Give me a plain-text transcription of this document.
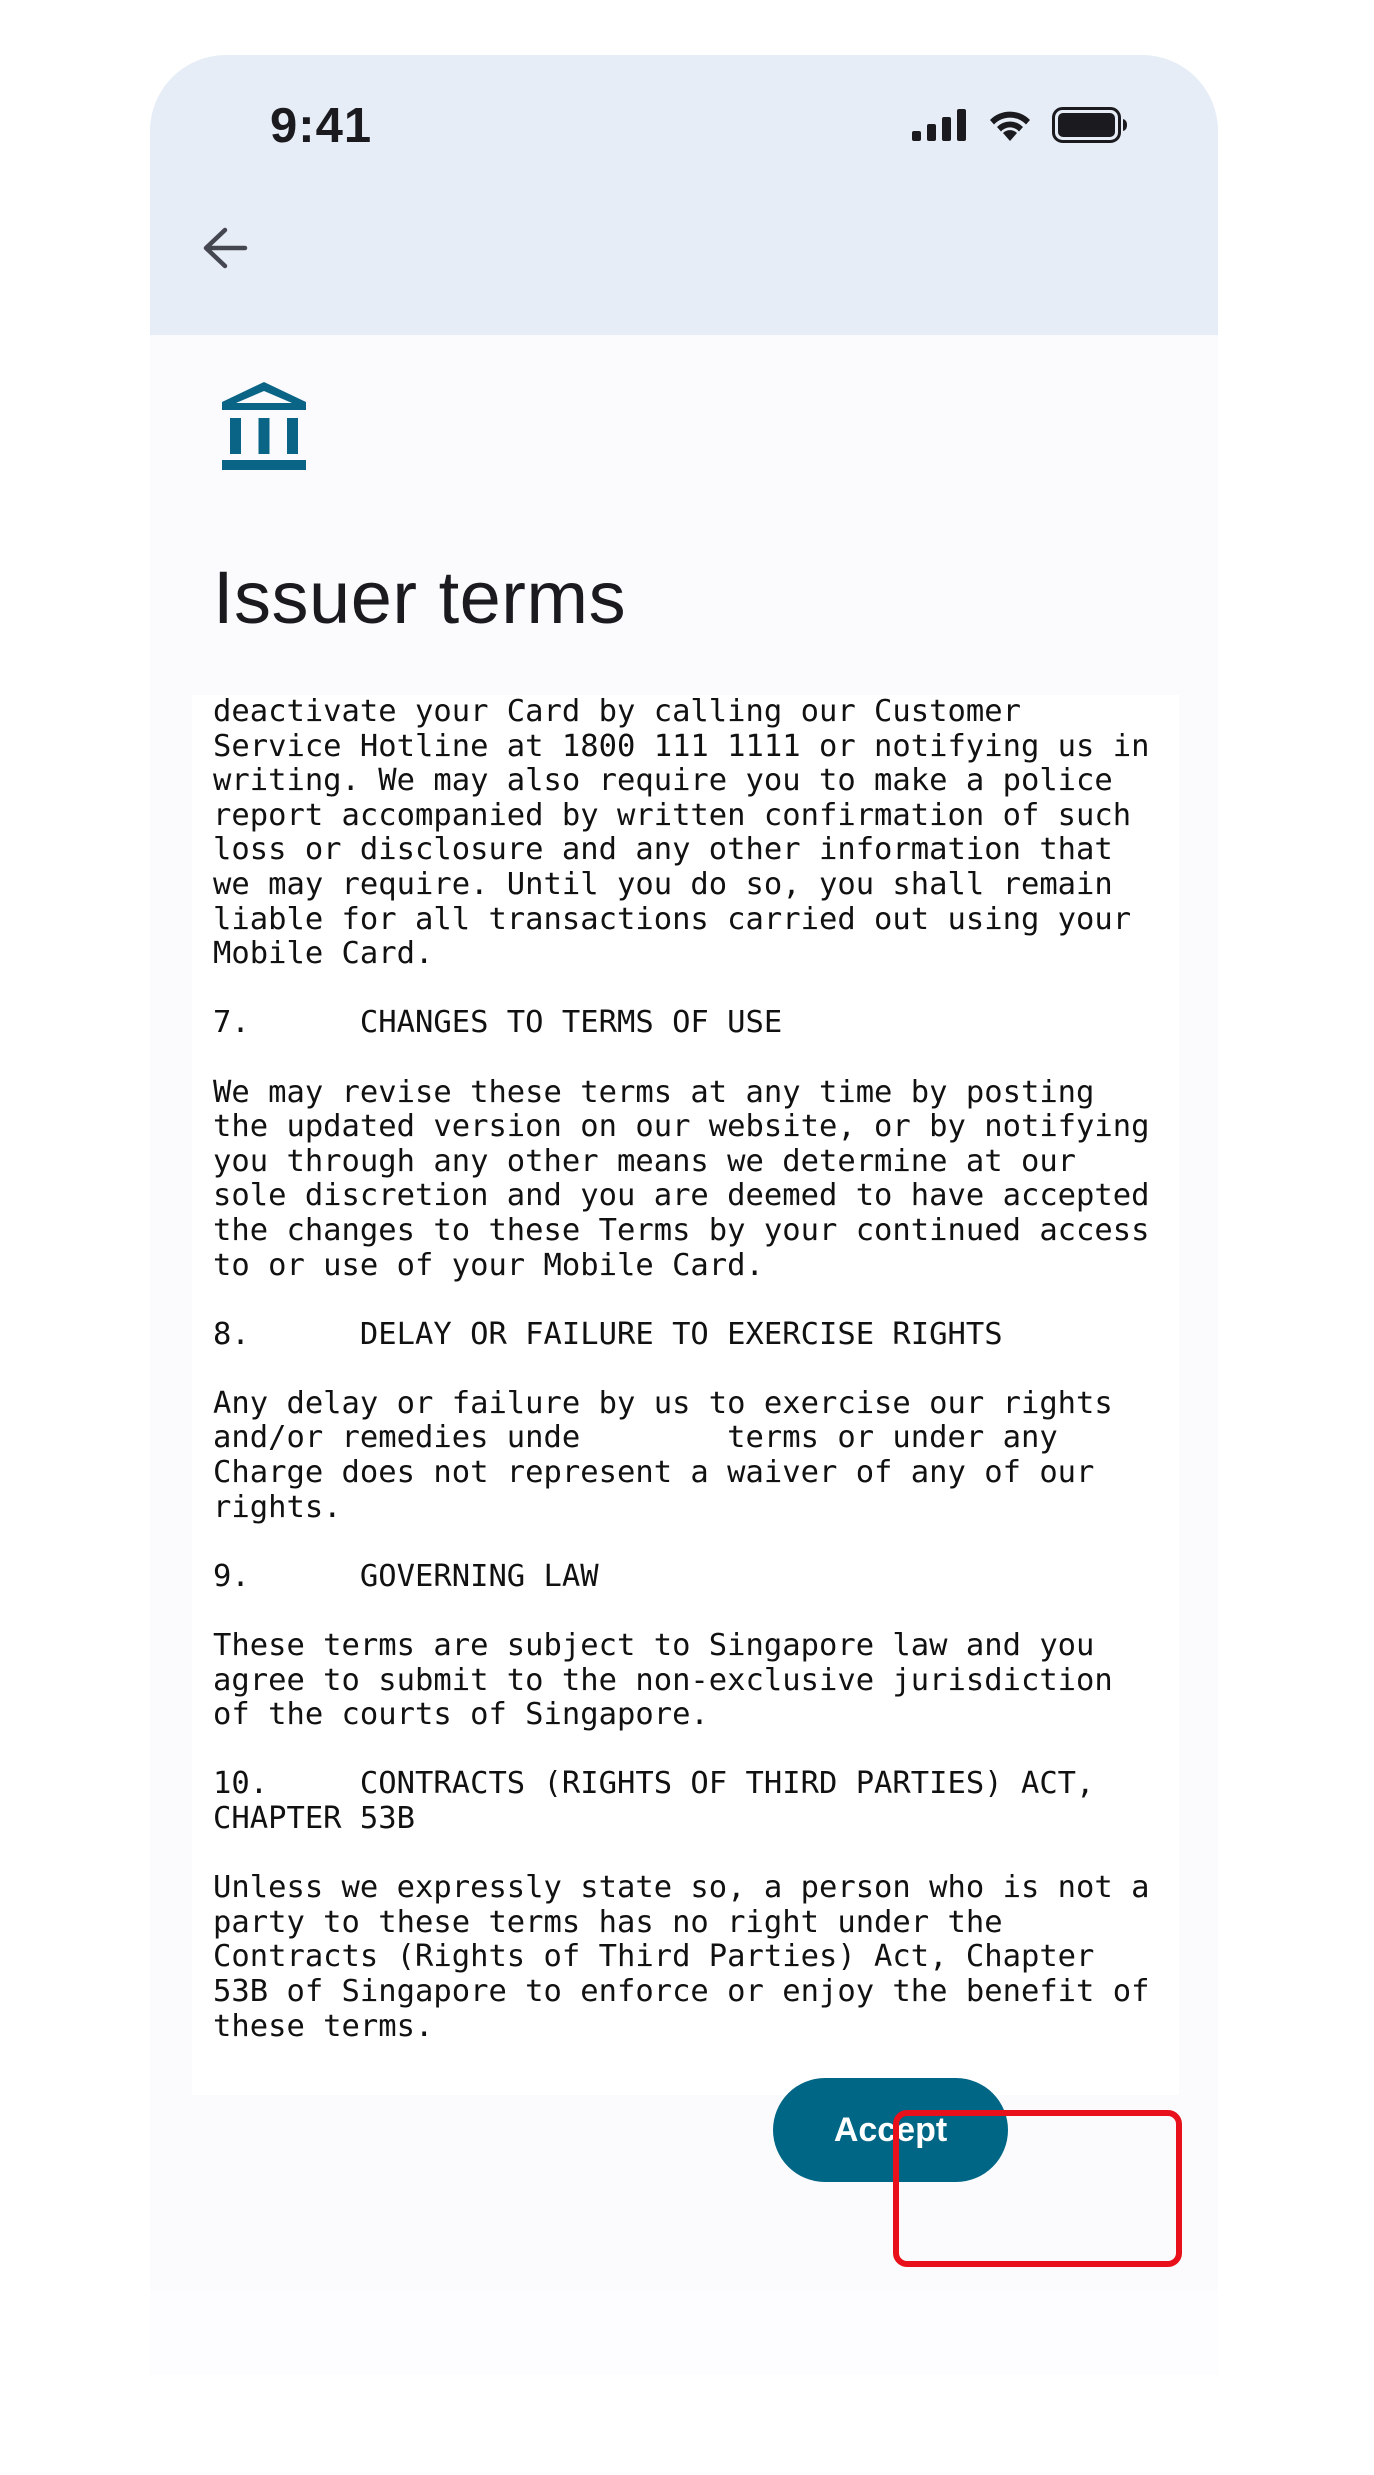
9:41
Issuer terms
deactivate your Card by calling our Customer
Service Hotline at 1800 111 1111 or notifying us in
writing. We may also require you to make a police
report accompanied by written confirmation of such
loss or disclosure and any other information that
we may require. Until you do so, you shall remain
liable for all transactions carried out using your
Mobile Card.

7.      CHANGES TO TERMS OF USE

We may revise these terms at any time by posting
the updated version on our website, or by notifying
you through any other means we determine at our
sole discretion and you are deemed to have accepted
the changes to these Terms by your continued access
to or use of your Mobile Card.

8.      DELAY OR FAILURE TO EXERCISE RIGHTS

Any delay or failure by us to exercise our rights
and/or remedies unde        terms or under any
Charge does not represent a waiver of any of our
rights.

9.      GOVERNING LAW

These terms are subject to Singapore law and you
agree to submit to the non-exclusive jurisdiction
of the courts of Singapore.

10.     CONTRACTS (RIGHTS OF THIRD PARTIES) ACT,
CHAPTER 53B

Unless we expressly state so, a person who is not a
party to these terms has no right under the
Contracts (Rights of Third Parties) Act, Chapter
53B of Singapore to enforce or enjoy the benefit of
these terms.
Accept
